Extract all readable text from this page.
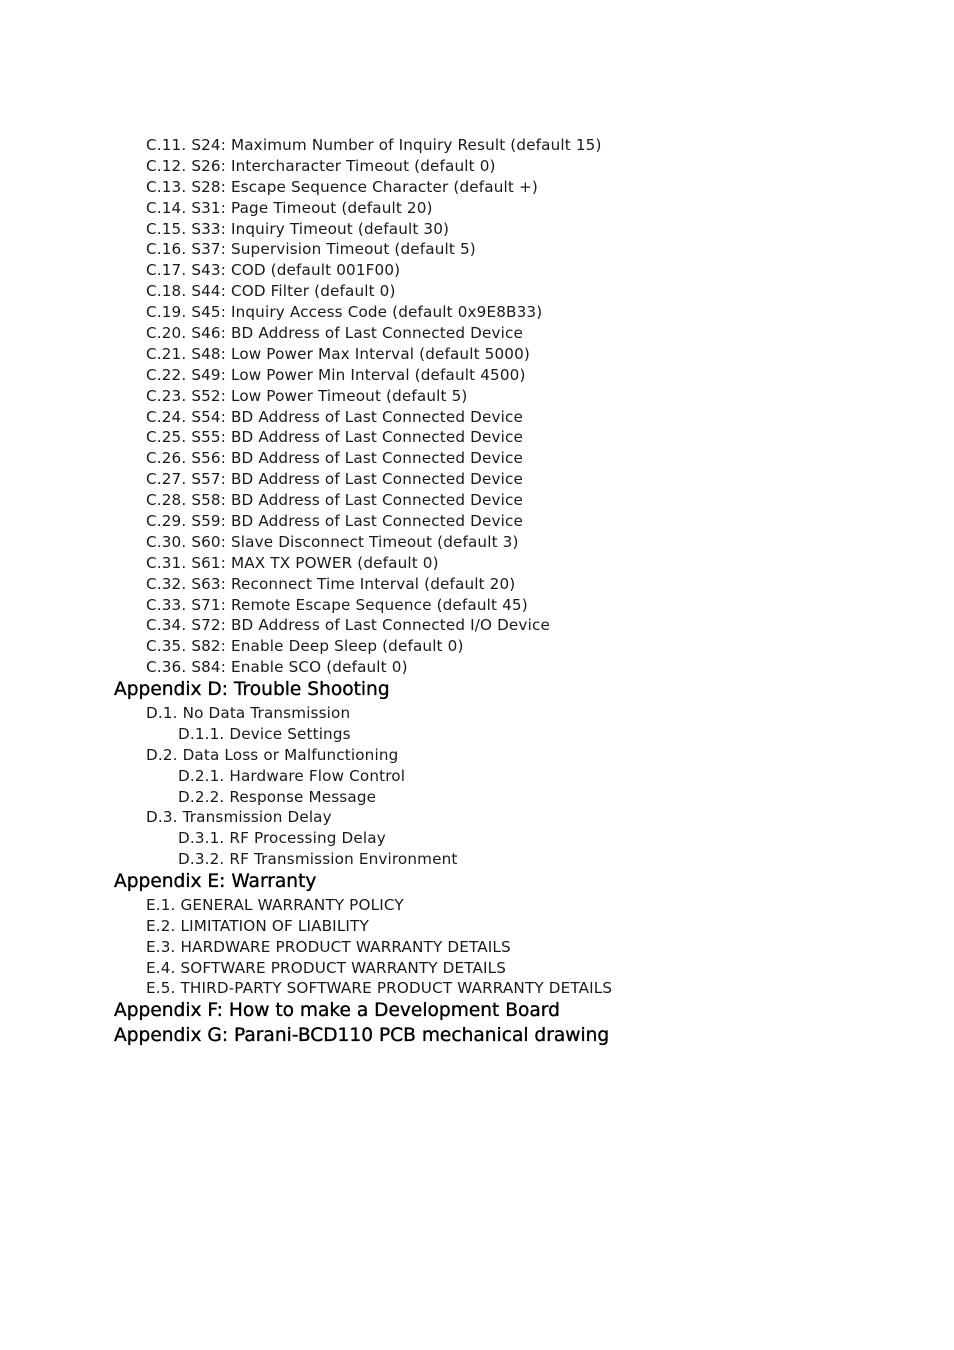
C.11. S24: Maximum Number of Inquiry Result (default 15)
C.12. S26: Intercharacter Timeout (default 0)
C.13. S28: Escape Sequence Character (default +)
C.14. S31: Page Timeout (default 20)
C.15. S33: Inquiry Timeout (default 30)
C.16. S37: Supervision Timeout (default 5)
C.17. S43: COD (default 001F00)
C.18. S44: COD Filter (default 0)
C.19. S45: Inquiry Access Code (default 0x9E8B33)
C.20. S46: BD Address of Last Connected Device
C.21. S48: Low Power Max Interval (default 5000)
C.22. S49: Low Power Min Interval (default 4500)
C.23. S52: Low Power Timeout (default 5)
C.24. S54: BD Address of Last Connected Device
C.25. S55: BD Address of Last Connected Device
C.26. S56: BD Address of Last Connected Device
C.27. S57: BD Address of Last Connected Device
C.28. S58: BD Address of Last Connected Device
C.29. S59: BD Address of Last Connected Device
C.30. S60: Slave Disconnect Timeout (default 3)
C.31. S61: MAX TX POWER (default 0)
C.32. S63: Reconnect Time Interval (default 20)
C.33. S71: Remote Escape Sequence (default 45)
C.34. S72: BD Address of Last Connected I/O Device
C.35. S82: Enable Deep Sleep (default 0)
C.36. S84: Enable SCO (default 0)
Appendix D: Trouble Shooting
D.1. No Data Transmission
D.1.1. Device Settings
D.2. Data Loss or Malfunctioning
D.2.1. Hardware Flow Control
D.2.2. Response Message
D.3. Transmission Delay
D.3.1. RF Processing Delay
D.3.2. RF Transmission Environment
Appendix E: Warranty
E.1. GENERAL WARRANTY POLICY
E.2. LIMITATION OF LIABILITY
E.3. HARDWARE PRODUCT WARRANTY DETAILS
E.4. SOFTWARE PRODUCT WARRANTY DETAILS
E.5. THIRD-PARTY SOFTWARE PRODUCT WARRANTY DETAILS
Appendix F: How to make a Development Board
Appendix G: Parani-BCD110 PCB mechanical drawing
